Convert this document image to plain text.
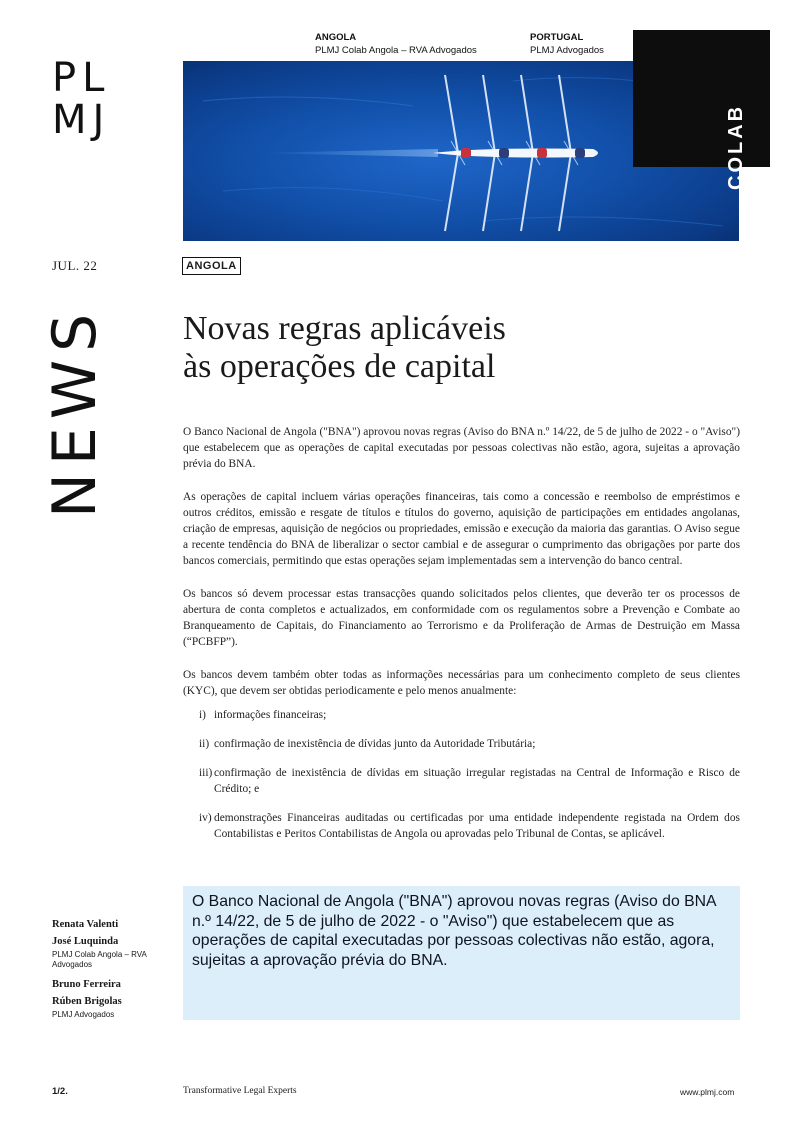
PL
MJ
ANGOLA
PLMJ Colab Angola – RVA Advogados
PORTUGAL
PLMJ Advogados
COLAB
JUL. 22	ANGOLA
NEWS Novas regras aplicáveis
às operações de capital

O Banco Nacional de Angola ("BNA") aprovou novas regras (Aviso do BNA n.º 14/22, de 5 de julho de 2022 - o "Aviso") que estabelecem que as operações de capital executadas por pessoas colectivas não estão, agora, sujeitas a aprovação prévia do BNA.

As operações de capital incluem várias operações financeiras, tais como a concessão e reembolso de empréstimos e outros créditos, emissão e resgate de títulos e títulos do governo, aquisição de participações em entidades angolanas, criação de empresas, aquisição de negócios ou propriedades, emissão e execução da maioria das garantias. O Aviso segue a recente tendência do BNA de liberalizar o sector cambial e de assegurar o cumprimento das obrigações por parte dos bancos comerciais, permitindo que estas operações sejam implementadas sem a intervenção do banco central.

Os bancos só devem processar estas transacções quando solicitados pelos clientes, que deverão ter os processos de abertura de conta completos e actualizados, em conformidade com os regulamentos sobre a Prevenção e Combate ao Branqueamento de Capitais, do Financiamento ao Terrorismo e da Proliferação de Armas de Destruição em Massa (“PCBFP”).

Os bancos devem também obter todas as informações necessárias para um conhecimento completo de seus clientes (KYC), que devem ser obtidas periodicamente e pelo menos anualmente:

i) informações financeiras;
ii) confirmação de inexistência de dívidas junto da Autoridade Tributária;
iii) confirmação de inexistência de dívidas em situação irregular registadas na Central de Informação e Risco de Crédito; e
iv) demonstrações Financeiras auditadas ou certificadas por uma entidade independente registada na Ordem dos Contabilistas e Peritos Contabilistas de Angola ou aprovadas pelo Tribunal de Contas, se aplicável.
O Banco Nacional de Angola ("BNA") aprovou novas regras (Aviso do BNA n.º 14/22, de 5 de julho de 2022 - o "Aviso") que estabelecem que as operações de capital executadas por pessoas colectivas não estão, agora, sujeitas a aprovação prévia do BNA.
Renata Valenti
José Luquinda
PLMJ Colab Angola – RVA Advogados
Bruno Ferreira
Rúben Brigolas
PLMJ Advogados
1/2.	Transformative Legal Experts	www.plmj.com
